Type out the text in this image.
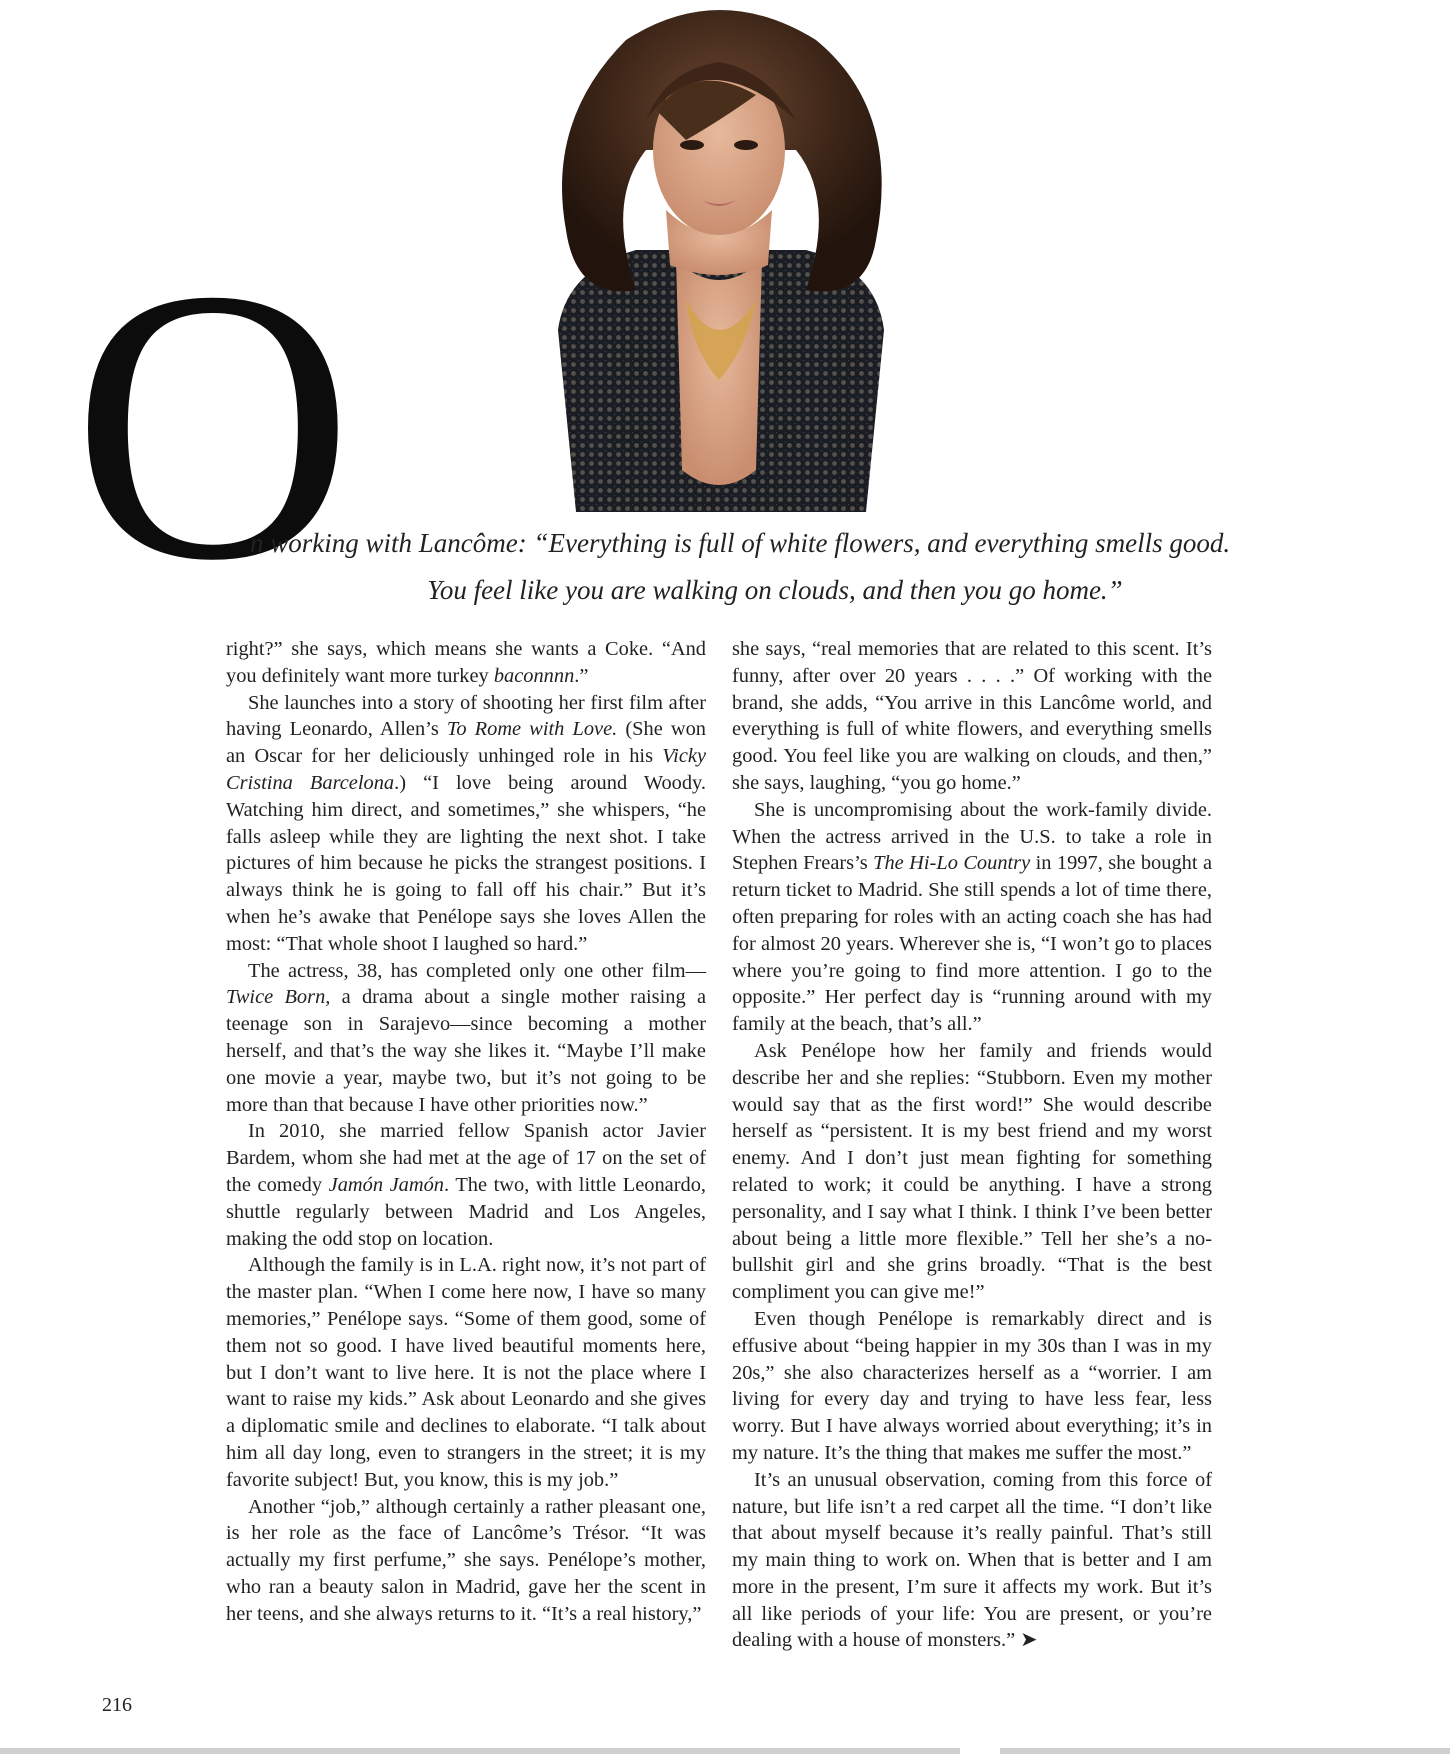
O
n working with Lancôme: “Everything is full of white flowers, and everything smells good.
You feel like you are walking on clouds, and then you go home.”

right?” she says, which means she wants a Coke. “And you definitely want more turkey baconnnn.”

She launches into a story of shooting her first film after having Leonardo, Allen’s To Rome with Love. (She won an Oscar for her deliciously unhinged role in his Vicky Cristina Barcelona.) “I love being around Woody. Watching him direct, and sometimes,” she whispers, “he falls asleep while they are lighting the next shot. I take pictures of him because he picks the strangest positions. I always think he is going to fall off his chair.” But it’s when he’s awake that Penélope says she loves Allen the most: “That whole shoot I laughed so hard.”

The actress, 38, has completed only one other film—Twice Born, a drama about a single mother raising a teenage son in Sarajevo—since becoming a mother herself, and that’s the way she likes it. “Maybe I’ll make one movie a year, maybe two, but it’s not going to be more than that because I have other priorities now.”

In 2010, she married fellow Spanish actor Javier Bardem, whom she had met at the age of 17 on the set of the comedy Jamón Jamón. The two, with little Leonardo, shuttle regularly between Madrid and Los Angeles, making the odd stop on location.

Although the family is in L.A. right now, it’s not part of the master plan. “When I come here now, I have so many memories,” Penélope says. “Some of them good, some of them not so good. I have lived beautiful moments here, but I don’t want to live here. It is not the place where I want to raise my kids.” Ask about Leonardo and she gives a diplomatic smile and declines to elaborate. “I talk about him all day long, even to strangers in the street; it is my favorite subject! But, you know, this is my job.”

Another “job,” although certainly a rather pleasant one, is her role as the face of Lancôme’s Trésor. “It was actually my first perfume,” she says. Penélope’s mother, who ran a beauty salon in Madrid, gave her the scent in her teens, and she always returns to it. “It’s a real history,”

she says, “real memories that are related to this scent. It’s funny, after over 20 years . . . .” Of working with the brand, she adds, “You arrive in this Lancôme world, and everything is full of white flowers, and everything smells good. You feel like you are walking on clouds, and then,” she says, laughing, “you go home.”

She is uncompromising about the work-family divide. When the actress arrived in the U.S. to take a role in Stephen Frears’s The Hi-Lo Country in 1997, she bought a return ticket to Madrid. She still spends a lot of time there, often preparing for roles with an acting coach she has had for almost 20 years. Wherever she is, “I won’t go to places where you’re going to find more attention. I go to the opposite.” Her perfect day is “running around with my family at the beach, that’s all.”

Ask Penélope how her family and friends would describe her and she replies: “Stubborn. Even my mother would say that as the first word!” She would describe herself as “persistent. It is my best friend and my worst enemy. And I don’t just mean fighting for something related to work; it could be anything. I have a strong personality, and I say what I think. I think I’ve been better about being a little more flexible.” Tell her she’s a no-bullshit girl and she grins broadly. “That is the best compliment you can give me!”

Even though Penélope is remarkably direct and is effusive about “being happier in my 30s than I was in my 20s,” she also characterizes herself as a “worrier. I am living for every day and trying to have less fear, less worry. But I have always worried about everything; it’s in my nature. It’s the thing that makes me suffer the most.”

It’s an unusual observation, coming from this force of nature, but life isn’t a red carpet all the time. “I don’t like that about myself because it’s really painful. That’s still my main thing to work on. When that is better and I am more in the present, I’m sure it affects my work. But it’s all like periods of your life: You are present, or you’re dealing with a house of monsters.” ➤

216
